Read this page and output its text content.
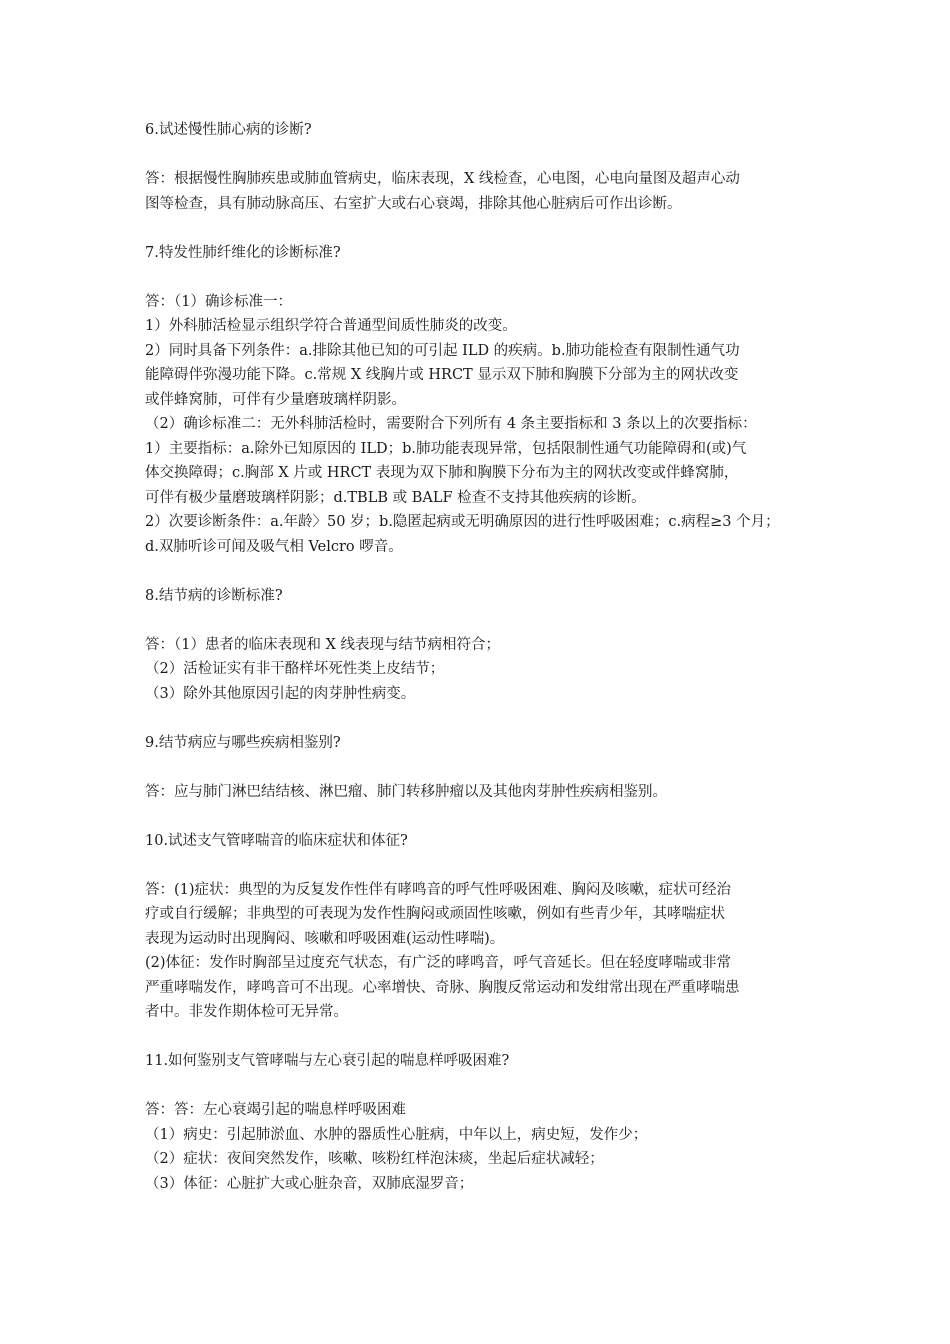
6.试述慢性肺心病的诊断?
答：根据慢性胸肺疾患或肺血管病史，临床表现，X 线检查，心电图，心电向量图及超声心动
图等检查，具有肺动脉高压、右室扩大或右心衰竭，排除其他心脏病后可作出诊断。
7.特发性肺纤维化的诊断标准?
答：（1）确诊标准一：
1）外科肺活检显示组织学符合普通型间质性肺炎的改变。
2）同时具备下列条件：a.排除其他已知的可引起 ILD 的疾病。b.肺功能检查有限制性通气功
能障碍伴弥漫功能下降。c.常规 X 线胸片或 HRCT 显示双下肺和胸膜下分部为主的网状改变
或伴蜂窝肺，可伴有少量磨玻璃样阴影。
（2）确诊标准二：无外科肺活检时，需要附合下列所有 4 条主要指标和 3 条以上的次要指标：
1）主要指标：a.除外已知原因的 ILD；b.肺功能表现异常，包括限制性通气功能障碍和(或)气
体交换障碍；c.胸部 X 片或 HRCT 表现为双下肺和胸膜下分布为主的网状改变或伴蜂窝肺，
可伴有极少量磨玻璃样阴影；d.TBLB 或 BALF 检查不支持其他疾病的诊断。
2）次要诊断条件：a.年龄〉50 岁；b.隐匿起病或无明确原因的进行性呼吸困难；c.病程≥3 个月；
d.双肺听诊可闻及吸气相 Velcro 啰音。
8.结节病的诊断标准?
答：（1）患者的临床表现和 X 线表现与结节病相符合；
（2）活检证实有非干酪样坏死性类上皮结节；
（3）除外其他原因引起的肉芽肿性病变。
9.结节病应与哪些疾病相鉴别?
答：应与肺门淋巴结结核、淋巴瘤、肺门转移肿瘤以及其他肉芽肿性疾病相鉴别。
10.试述支气管哮喘音的临床症状和体征?
答：(1)症状：典型的为反复发作性伴有哮鸣音的呼气性呼吸困难、胸闷及咳嗽，症状可经治
疗或自行缓解；非典型的可表现为发作性胸闷或顽固性咳嗽，例如有些青少年，其哮喘症状
表现为运动时出现胸闷、咳嗽和呼吸困难(运动性哮喘)。
(2)体征：发作时胸部呈过度充气状态，有广泛的哮鸣音，呼气音延长。但在轻度哮喘或非常
严重哮喘发作，哮鸣音可不出现。心率增快、奇脉、胸腹反常运动和发绀常出现在严重哮喘患
者中。非发作期体检可无异常。
11.如何鉴别支气管哮喘与左心衰引起的喘息样呼吸困难?
答：答：左心衰竭引起的喘息样呼吸困难
（1）病史：引起肺淤血、水肿的器质性心脏病，中年以上，病史短，发作少；
（2）症状：夜间突然发作，咳嗽、咳粉红样泡沫痰，坐起后症状减轻；
（3）体征：心脏扩大或心脏杂音，双肺底湿罗音；
